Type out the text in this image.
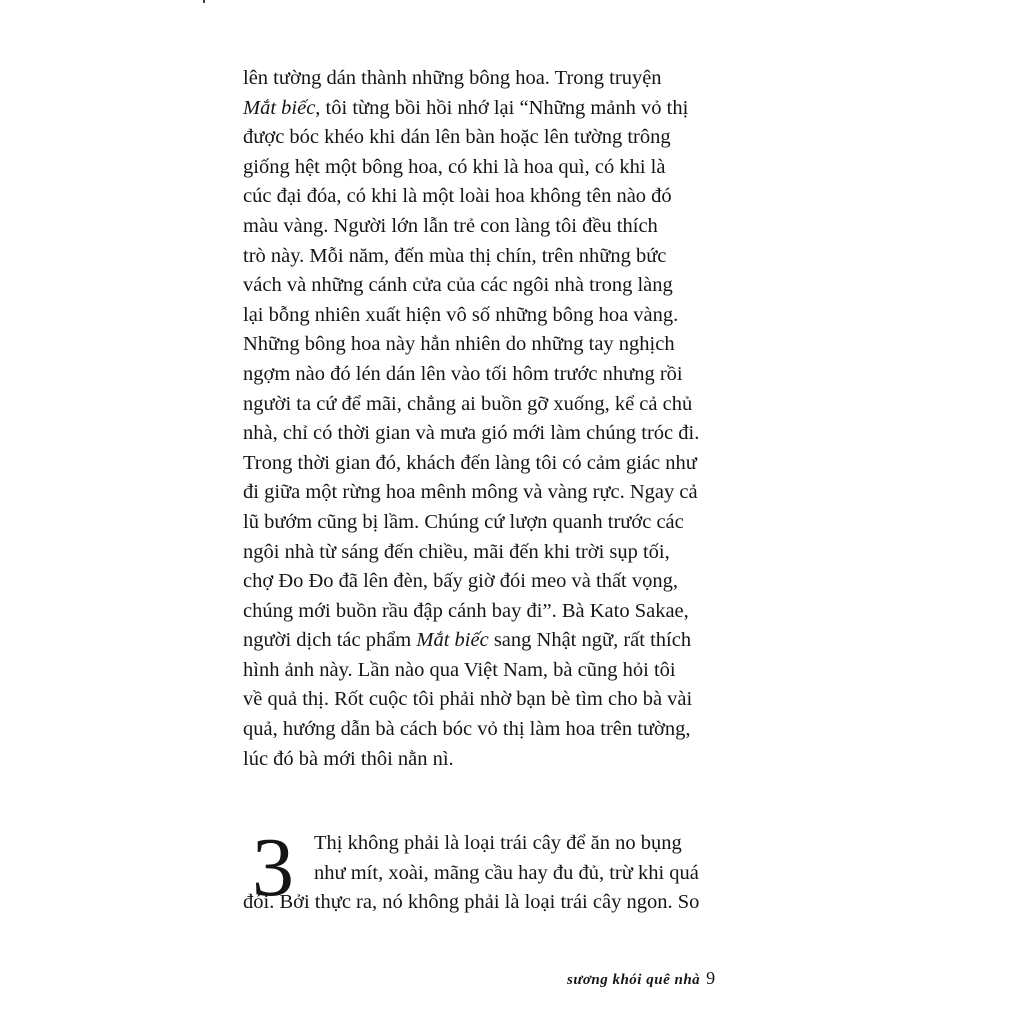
lên tường dán thành những bông hoa. Trong truyện
Mắt biếc, tôi từng bồi hồi nhớ lại “Những mảnh vỏ thị
được bóc khéo khi dán lên bàn hoặc lên tường trông
giống hệt một bông hoa, có khi là hoa quì, có khi là
cúc đại đóa, có khi là một loài hoa không tên nào đó
màu vàng. Người lớn lẫn trẻ con làng tôi đều thích
trò này. Mỗi năm, đến mùa thị chín, trên những bức
vách và những cánh cửa của các ngôi nhà trong làng
lại bỗng nhiên xuất hiện vô số những bông hoa vàng.
Những bông hoa này hẳn nhiên do những tay nghịch
ngợm nào đó lén dán lên vào tối hôm trước nhưng rồi
người ta cứ để mãi, chẳng ai buồn gỡ xuống, kể cả chủ
nhà, chỉ có thời gian và mưa gió mới làm chúng tróc đi.
Trong thời gian đó, khách đến làng tôi có cảm giác như
đi giữa một rừng hoa mênh mông và vàng rực. Ngay cả
lũ bướm cũng bị lầm. Chúng cứ lượn quanh trước các
ngôi nhà từ sáng đến chiều, mãi đến khi trời sụp tối,
chợ Đo Đo đã lên đèn, bấy giờ đói meo và thất vọng,
chúng mới buồn rầu đập cánh bay đi”. Bà Kato Sakae,
người dịch tác phẩm Mắt biếc sang Nhật ngữ, rất thích
hình ảnh này. Lần nào qua Việt Nam, bà cũng hỏi tôi
về quả thị. Rốt cuộc tôi phải nhờ bạn bè tìm cho bà vài
quả, hướng dẫn bà cách bóc vỏ thị làm hoa trên tường,
lúc đó bà mới thôi nằn nì.
3 Thị không phải là loại trái cây để ăn no bụng
như mít, xoài, mãng cầu hay đu đủ, trừ khi quá
đói. Bởi thực ra, nó không phải là loại trái cây ngon. So
sương khói quê nhà 9
